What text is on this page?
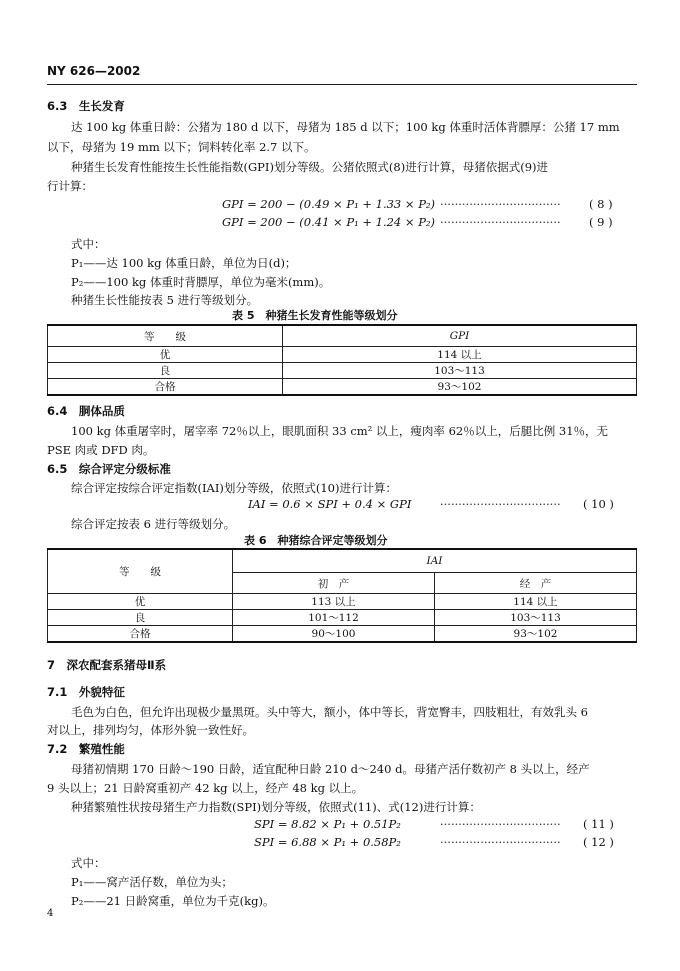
NY 626—2002
6.3　生长发育
达 100 kg 体重日龄：公猪为 180 d 以下，母猪为 185 d 以下；100 kg 体重时活体背膘厚：公猪 17 mm
以下，母猪为 19 mm 以下；饲料转化率 2.7 以下。
种猪生长发育性能按生长性能指数(GPI)划分等级。公猪依照式(8)进行计算，母猪依据式(9)进
行计算：
GPI = 200 − (0.49 × P₁ + 1.33 × P₂) ································· ( 8 )
GPI = 200 − (0.41 × P₁ + 1.24 × P₂) ································· ( 9 )
式中：
P₁——达 100 kg 体重日龄，单位为日(d)；
P₂——100 kg 体重时背膘厚，单位为毫米(mm)。
种猪生长性能按表 5 进行等级划分。
表 5　种猪生长发育性能等级划分
等　　级	GPI
优	114 以上
良	103～113
合格	93～102
6.4　胴体品质
100 kg 体重屠宰时，屠宰率 72％以上，眼肌面积 33 cm² 以上，瘦肉率 62％以上，后腿比例 31％，无
PSE 肉或 DFD 肉。
6.5　综合评定分级标准
综合评定按综合评定指数(IAI)划分等级，依照式(10)进行计算：
IAI = 0.6 × SPI + 0.4 × GPI ································· ( 10 )
综合评定按表 6 进行等级划分。
表 6　种猪综合评定等级划分
等　　级	IAI	
	初　产	经　产
优	113 以上	114 以上
良	101～112	103～113
合格	90～100	93～102
7　深农配套系猪母Ⅱ系
7.1　外貌特征
毛色为白色，但允许出现极少量黑斑。头中等大，额小，体中等长，背宽臀丰，四肢粗壮，有效乳头 6
对以上，排列均匀，体形外貌一致性好。
7.2　繁殖性能
母猪初情期 170 日龄～190 日龄，适宜配种日龄 210 d～240 d。母猪产活仔数初产 8 头以上，经产
9 头以上；21 日龄窝重初产 42 kg 以上，经产 48 kg 以上。
种猪繁殖性状按母猪生产力指数(SPI)划分等级，依照式(11)、式(12)进行计算：
SPI = 8.82 × P₁ + 0.51P₂	································· ( 11 )
SPI = 6.88 × P₁ + 0.58P₂	································· ( 12 )
式中：
P₁——窝产活仔数，单位为头；
P₂——21 日龄窝重，单位为千克(kg)。
4
